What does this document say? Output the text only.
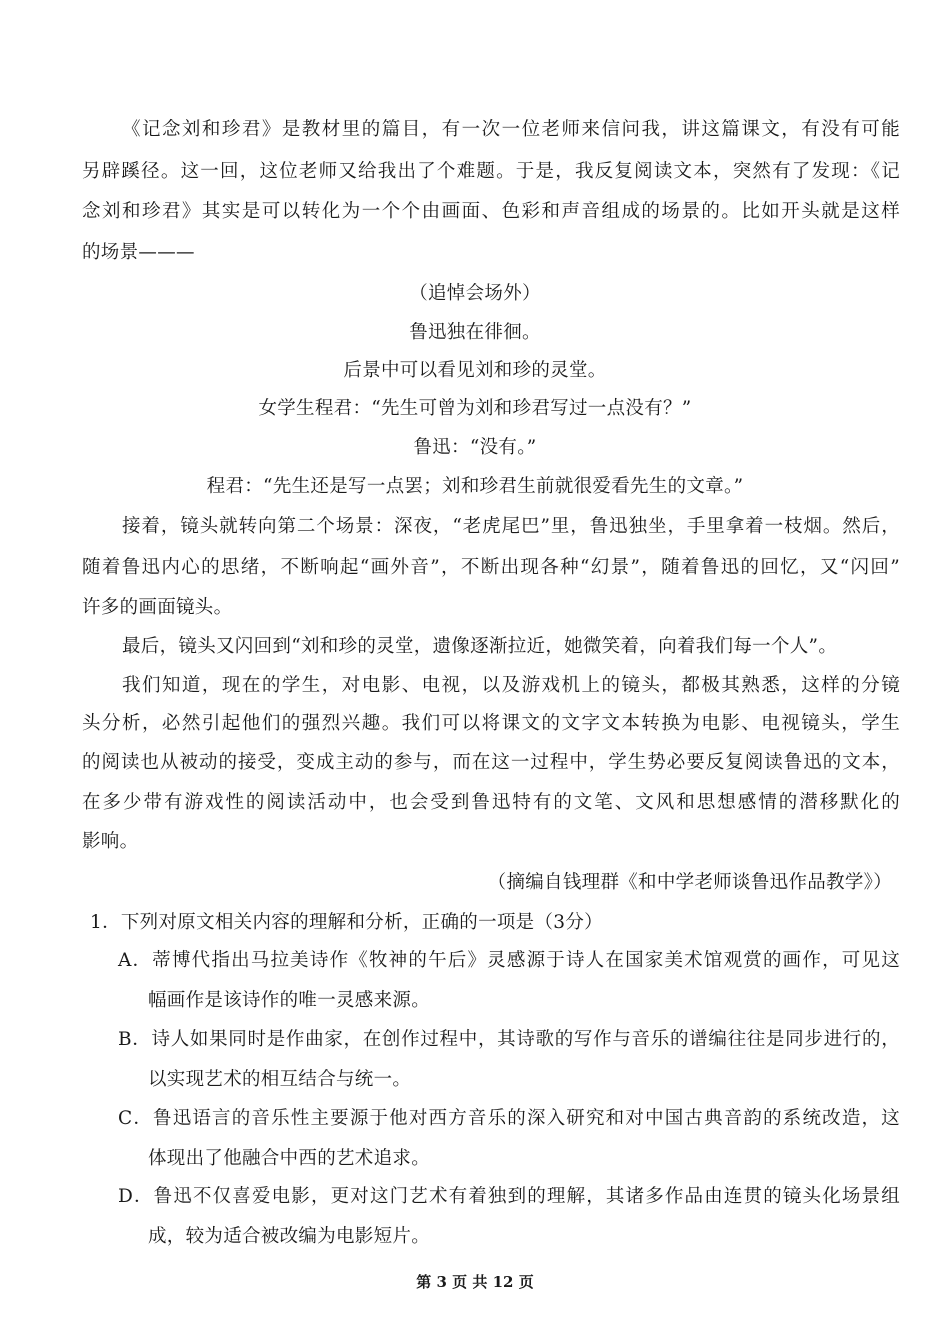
《记念刘和珍君》是教材里的篇目，有一次一位老师来信问我，讲这篇课文，有没有可能
另辟蹊径。这一回，这位老师又给我出了个难题。于是，我反复阅读文本，突然有了发现：《记
念刘和珍君》其实是可以转化为一个个由画面、色彩和声音组成的场景的。比如开头就是这样
的场景———
（追悼会场外）
鲁迅独在徘徊。
后景中可以看见刘和珍的灵堂。
女学生程君：“先生可曾为刘和珍君写过一点没有？”
鲁迅：“没有。”
程君：“先生还是写一点罢；刘和珍君生前就很爱看先生的文章。”
接着，镜头就转向第二个场景：深夜，“老虎尾巴”里，鲁迅独坐，手里拿着一枝烟。然后，
随着鲁迅内心的思绪，不断响起“画外音”，不断出现各种“幻景”，随着鲁迅的回忆，又“闪回”
许多的画面镜头。
最后，镜头又闪回到“刘和珍的灵堂，遗像逐渐拉近，她微笑着，向着我们每一个人”。
我们知道，现在的学生，对电影、电视，以及游戏机上的镜头，都极其熟悉，这样的分镜
头分析，必然引起他们的强烈兴趣。我们可以将课文的文字文本转换为电影、电视镜头，学生
的阅读也从被动的接受，变成主动的参与，而在这一过程中，学生势必要反复阅读鲁迅的文本，
在多少带有游戏性的阅读活动中，也会受到鲁迅特有的文笔、文风和思想感情的潜移默化的
影响。
（摘编自钱理群《和中学老师谈鲁迅作品教学》）
1．下列对原文相关内容的理解和分析，正确的一项是（3分）
A．蒂博代指出马拉美诗作《牧神的午后》灵感源于诗人在国家美术馆观赏的画作，可见这
幅画作是该诗作的唯一灵感来源。
B．诗人如果同时是作曲家，在创作过程中，其诗歌的写作与音乐的谱编往往是同步进行的，
以实现艺术的相互结合与统一。
C．鲁迅语言的音乐性主要源于他对西方音乐的深入研究和对中国古典音韵的系统改造，这
体现出了他融合中西的艺术追求。
D．鲁迅不仅喜爱电影，更对这门艺术有着独到的理解，其诸多作品由连贯的镜头化场景组
成，较为适合被改编为电影短片。
第 3 页 共 12 页
